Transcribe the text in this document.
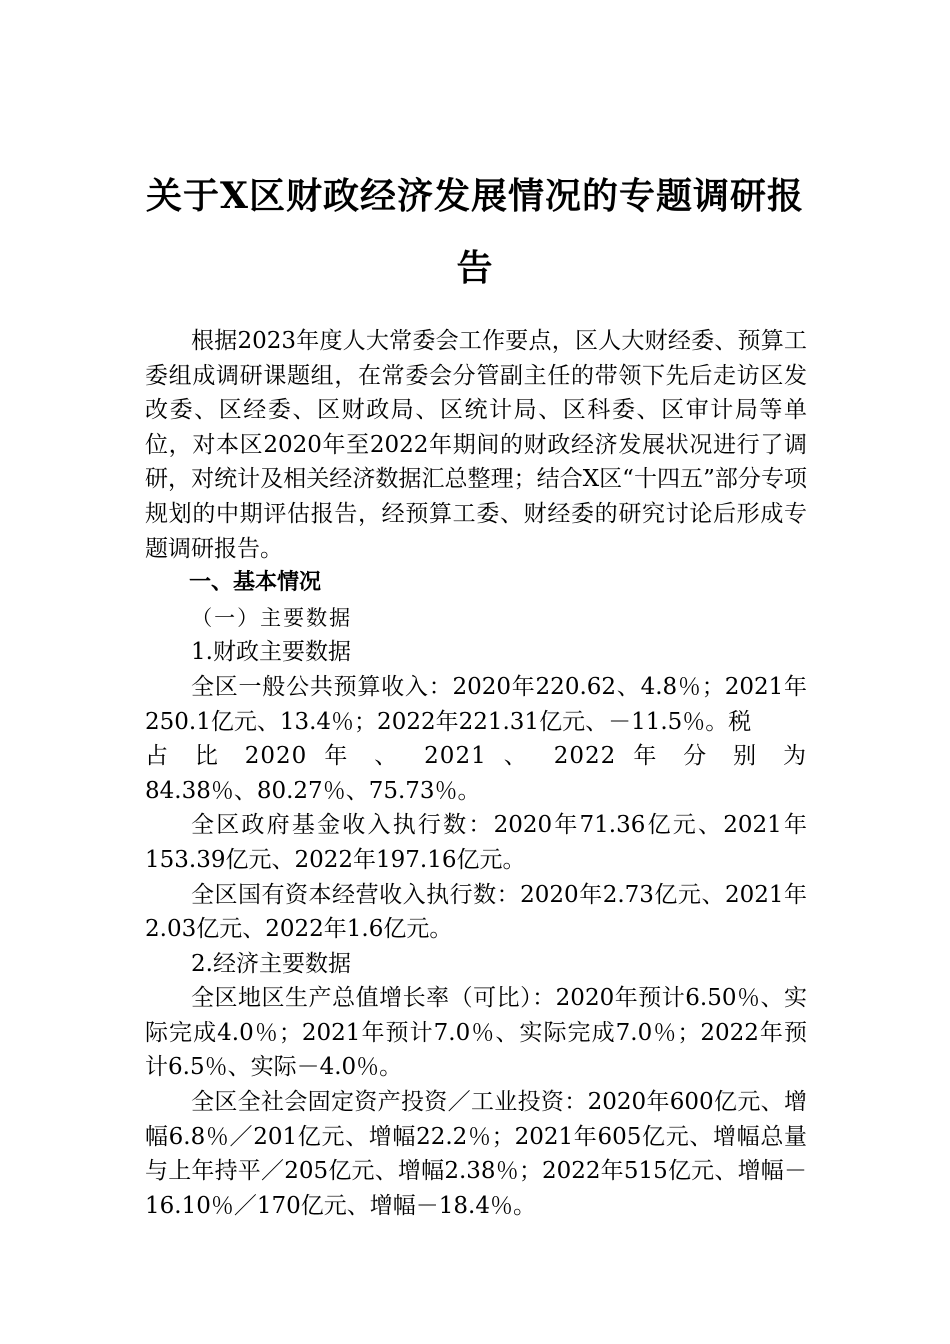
关于X区财政经济发展情况的专题调研报
告

根据2023年度人大常委会工作要点，区人大财经委、预算工委组成调研课题组，在常委会分管副主任的带领下先后走访区发改委、区经委、区财政局、区统计局、区科委、区审计局等单位，对本区2020年至2022年期间的财政经济发展状况进行了调研，对统计及相关经济数据汇总整理；结合X区“十四五”部分专项规划的中期评估报告，经预算工委、财经委的研究讨论后形成专题调研报告。

一、基本情况

（一）主要数据

1.财政主要数据

全区一般公共预算收入：2020年220.62、4.8％；2021年250.1亿元、13.4％；2022年221.31亿元、－11.5％。税

占 比 2020 年 、 2021 、 2022 年 分 别 为

84.38％、80.27％、75.73％。

全区政府基金收入执行数：2020年71.36亿元、2021年153.39亿元、2022年197.16亿元。

全区国有资本经营收入执行数：2020年2.73亿元、2021年2.03亿元、2022年1.6亿元。

2.经济主要数据

全区地区生产总值增长率（可比）：2020年预计6.50％、实际完成4.0％；2021年预计7.0％、实际完成7.0％；2022年预计6.5％、实际－4.0％。

全区全社会固定资产投资／工业投资：2020年600亿元、增幅6.8％／201亿元、增幅22.2％；2021年605亿元、增幅总量与上年持平／205亿元、增幅2.38％；2022年515亿元、增幅－16.10％／170亿元、增幅－18.4％。
